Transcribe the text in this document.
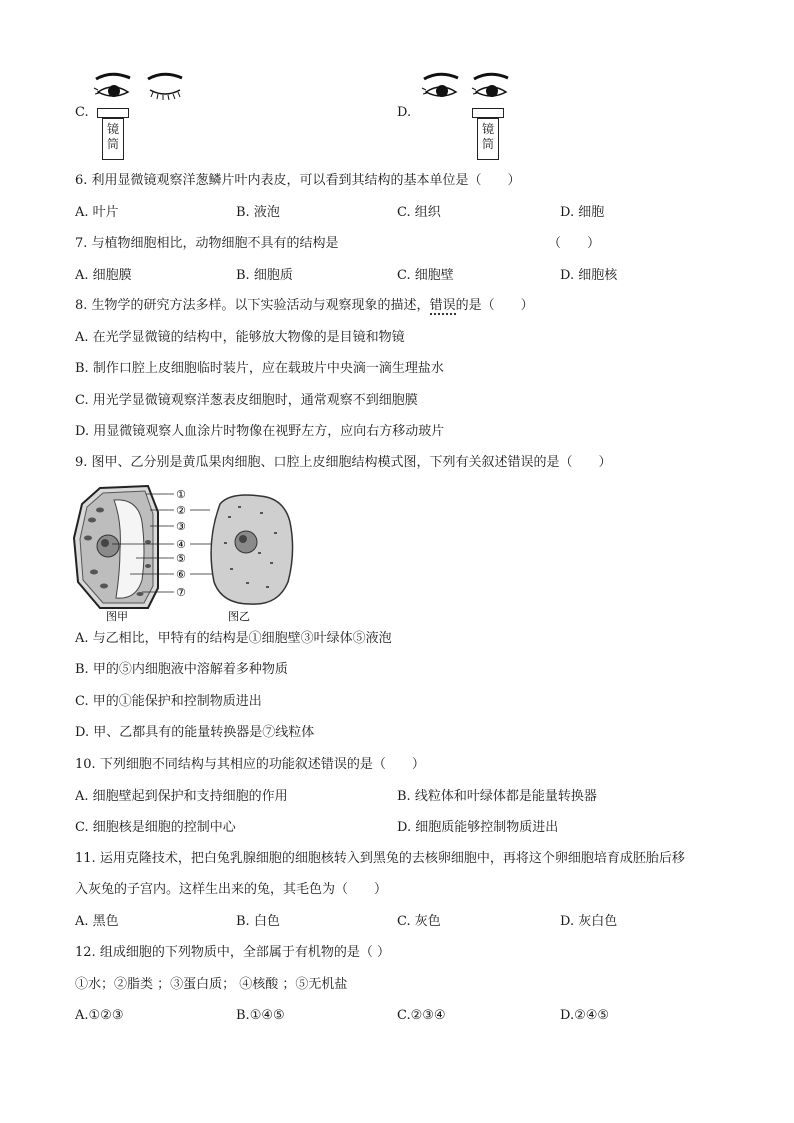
C.
镜
筒
D.
镜
筒
6. 利用显微镜观察洋葱鳞片叶内表皮，可以看到其结构的基本单位是（　　）
A. 叶片	B. 液泡	C. 组织	D. 细胞
7. 与植物细胞相比，动物细胞不具有的结构是	（　　）
A. 细胞膜	B. 细胞质	C. 细胞壁	D. 细胞核
8. 生物学的研究方法多样。以下实验活动与观察现象的描述，错误的是（　　）
A. 在光学显微镜的结构中，能够放大物像的是目镜和物镜
B. 制作口腔上皮细胞临时装片，应在载玻片中央滴一滴生理盐水
C. 用光学显微镜观察洋葱表皮细胞时，通常观察不到细胞膜
D. 用显微镜观察人血涂片时物像在视野左方，应向右方移动玻片
9. 图甲、乙分别是黄瓜果肉细胞、口腔上皮细胞结构模式图，下列有关叙述错误的是（　　）
①
②
③
④
⑤
⑥
⑦
图甲	图乙
A. 与乙相比，甲特有的结构是①细胞壁③叶绿体⑤液泡
B. 甲的⑤内细胞液中溶解着多种物质
C. 甲的①能保护和控制物质进出
D. 甲、乙都具有的能量转换器是⑦线粒体
10. 下列细胞不同结构与其相应的功能叙述错误的是（　　）
A. 细胞壁起到保护和支持细胞的作用	B. 线粒体和叶绿体都是能量转换器
C. 细胞核是细胞的控制中心	D. 细胞质能够控制物质进出
11. 运用克隆技术，把白兔乳腺细胞的细胞核转入到黑兔的去核卵细胞中，再将这个卵细胞培育成胚胎后移
入灰兔的子宫内。这样生出来的兔，其毛色为（　　）
A. 黑色	B. 白色	C. 灰色	D. 灰白色
12. 组成细胞的下列物质中，全部属于有机物的是（ ）
①水；②脂类 ；③蛋白质； ④核酸 ；⑤无机盐
A.①②③	B.①④⑤	C.②③④	D.②④⑤
